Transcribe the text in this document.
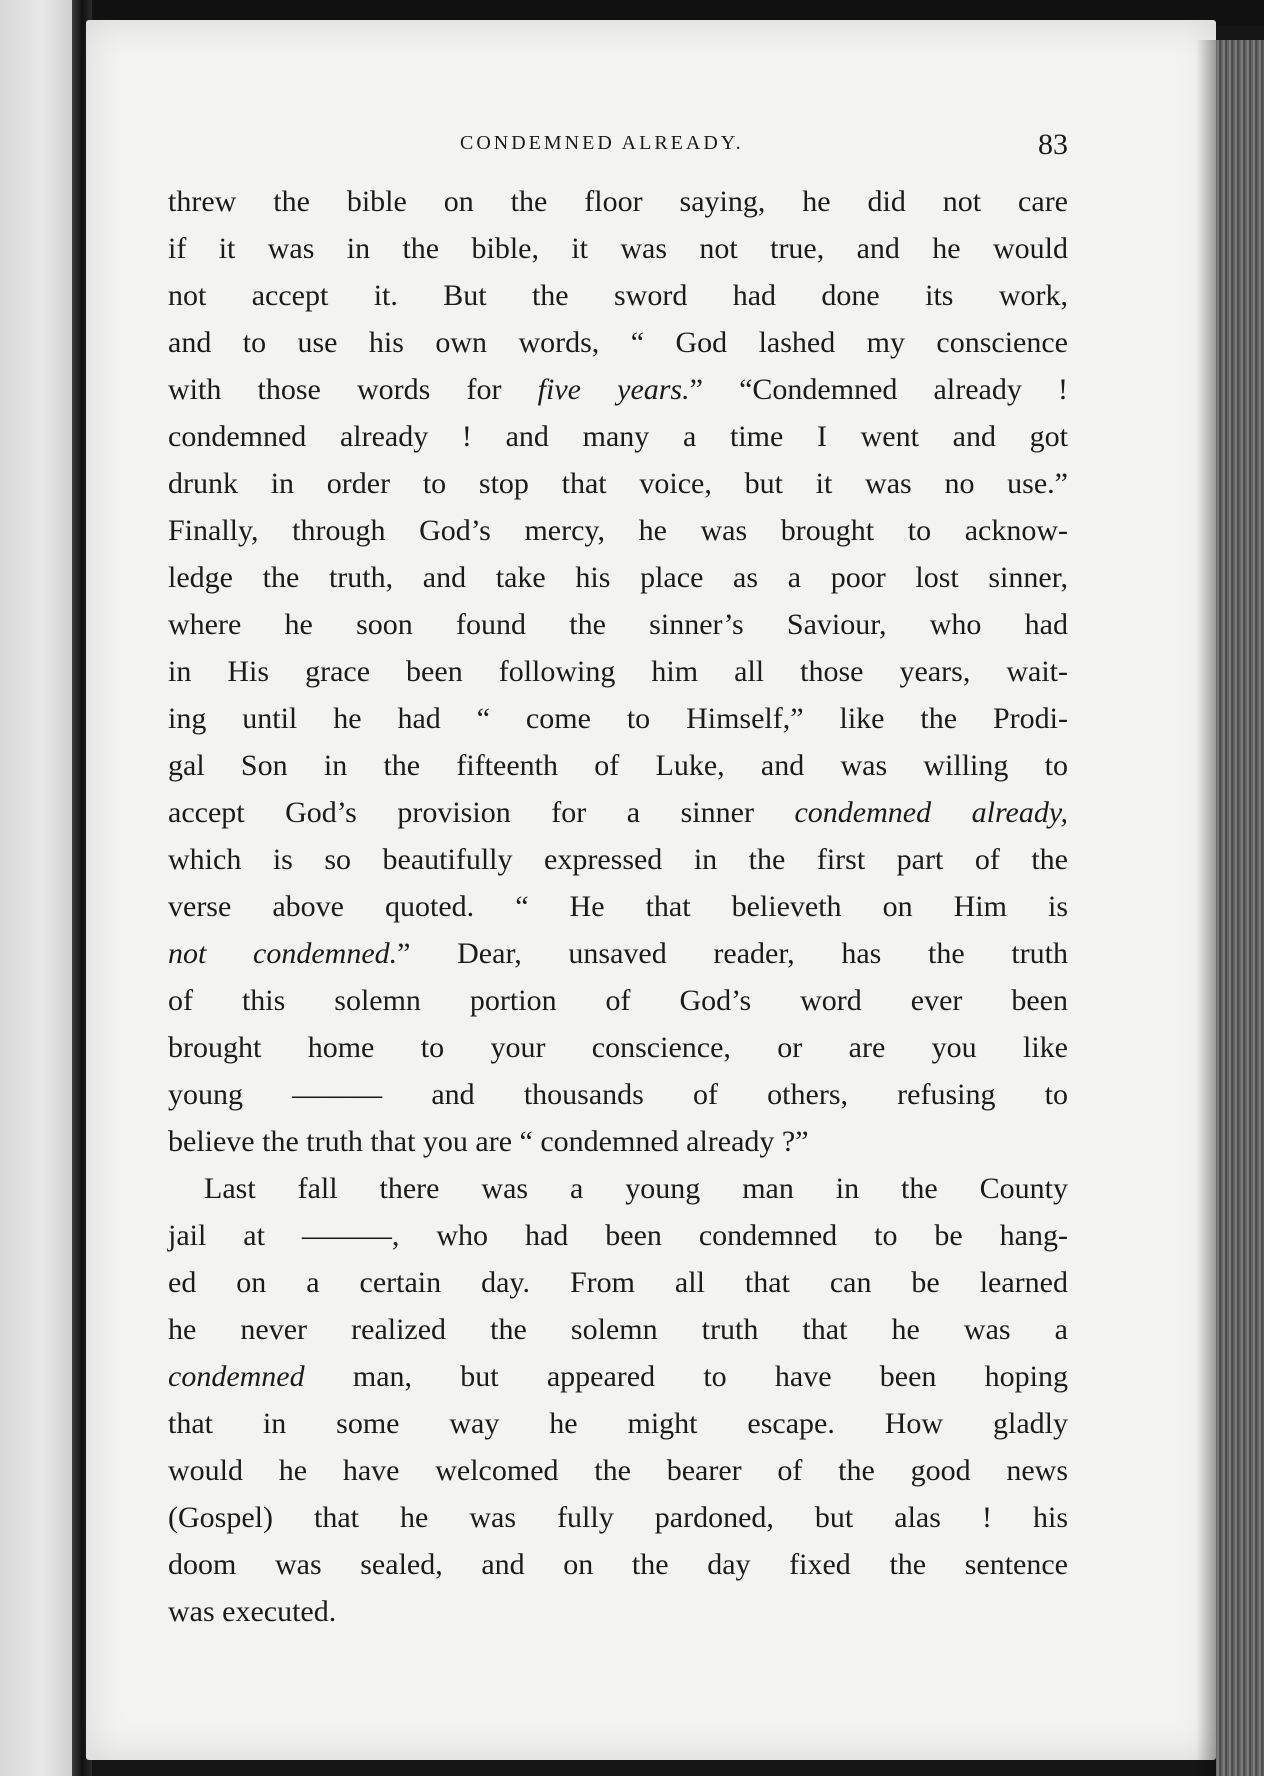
CONDEMNED ALREADY.	83
threw the bible on the floor saying, he did not care
if it was in the bible, it was not true, and he would
not accept it. But the sword had done its work,
and to use his own words, “ God lashed my conscience
with those words for five years.” “Condemned already !
condemned already ! and many a time I went and got
drunk in order to stop that voice, but it was no use.”
Finally, through God’s mercy, he was brought to acknow-
ledge the truth, and take his place as a poor lost sinner,
where he soon found the sinner’s Saviour, who had
in His grace been following him all those years, wait-
ing until he had “ come to Himself,” like the Prodi-
gal Son in the fifteenth of Luke, and was willing to
accept God’s provision for a sinner condemned already,
which is so beautifully expressed in the first part of the
verse above quoted. “ He that believeth on Him is
not condemned.” Dear, unsaved reader, has the truth
of this solemn portion of God’s word ever been
brought home to your conscience, or are you like
young ——— and thousands of others, refusing to
believe the truth that you are “ condemned already ?”
Last fall there was a young man in the County
jail at ———, who had been condemned to be hang-
ed on a certain day. From all that can be learned
he never realized the solemn truth that he was a
condemned man, but appeared to have been hoping
that in some way he might escape. How gladly
would he have welcomed the bearer of the good news
(Gospel) that he was fully pardoned, but alas ! his
doom was sealed, and on the day fixed the sentence
was executed.
